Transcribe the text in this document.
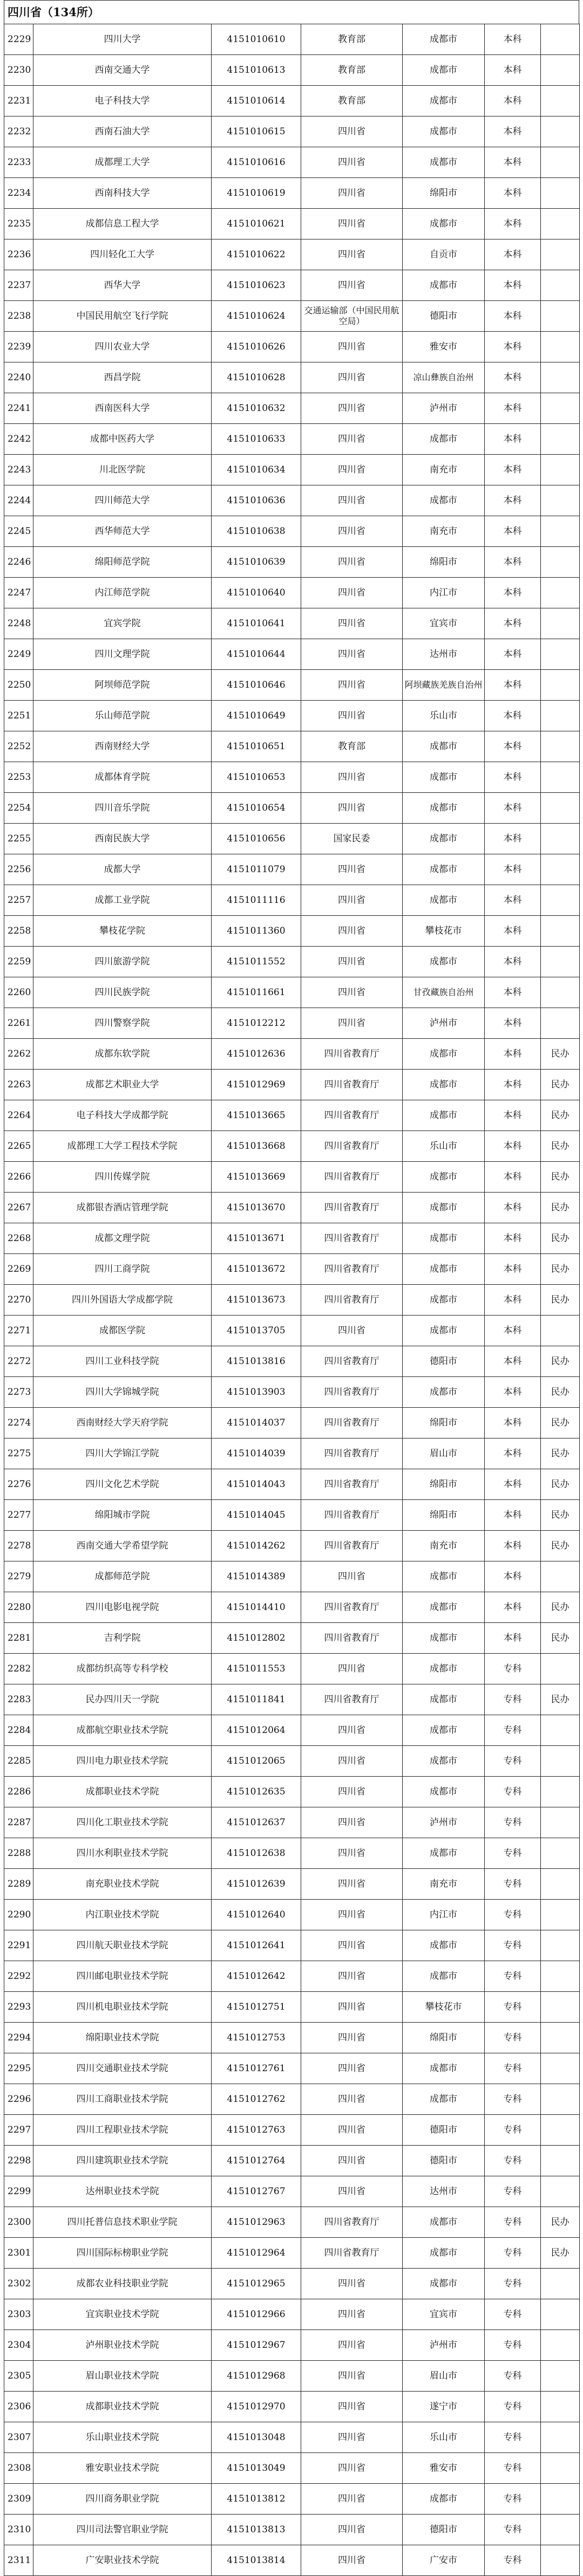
四川省（134所）
2229	四川大学	4151010610	教育部	成都市	本科	
2230	西南交通大学	4151010613	教育部	成都市	本科	
2231	电子科技大学	4151010614	教育部	成都市	本科	
2232	西南石油大学	4151010615	四川省	成都市	本科	
2233	成都理工大学	4151010616	四川省	成都市	本科	
2234	西南科技大学	4151010619	四川省	绵阳市	本科	
2235	成都信息工程大学	4151010621	四川省	成都市	本科	
2236	四川轻化工大学	4151010622	四川省	自贡市	本科	
2237	西华大学	4151010623	四川省	成都市	本科	
2238	中国民用航空飞行学院	4151010624	交通运输部（中国民用航空局）	德阳市	本科	
2239	四川农业大学	4151010626	四川省	雅安市	本科	
2240	西昌学院	4151010628	四川省	凉山彝族自治州	本科	
2241	西南医科大学	4151010632	四川省	泸州市	本科	
2242	成都中医药大学	4151010633	四川省	成都市	本科	
2243	川北医学院	4151010634	四川省	南充市	本科	
2244	四川师范大学	4151010636	四川省	成都市	本科	
2245	西华师范大学	4151010638	四川省	南充市	本科	
2246	绵阳师范学院	4151010639	四川省	绵阳市	本科	
2247	内江师范学院	4151010640	四川省	内江市	本科	
2248	宜宾学院	4151010641	四川省	宜宾市	本科	
2249	四川文理学院	4151010644	四川省	达州市	本科	
2250	阿坝师范学院	4151010646	四川省	阿坝藏族羌族自治州	本科	
2251	乐山师范学院	4151010649	四川省	乐山市	本科	
2252	西南财经大学	4151010651	教育部	成都市	本科	
2253	成都体育学院	4151010653	四川省	成都市	本科	
2254	四川音乐学院	4151010654	四川省	成都市	本科	
2255	西南民族大学	4151010656	国家民委	成都市	本科	
2256	成都大学	4151011079	四川省	成都市	本科	
2257	成都工业学院	4151011116	四川省	成都市	本科	
2258	攀枝花学院	4151011360	四川省	攀枝花市	本科	
2259	四川旅游学院	4151011552	四川省	成都市	本科	
2260	四川民族学院	4151011661	四川省	甘孜藏族自治州	本科	
2261	四川警察学院	4151012212	四川省	泸州市	本科	
2262	成都东软学院	4151012636	四川省教育厅	成都市	本科	民办
2263	成都艺术职业大学	4151012969	四川省教育厅	成都市	本科	民办
2264	电子科技大学成都学院	4151013665	四川省教育厅	成都市	本科	民办
2265	成都理工大学工程技术学院	4151013668	四川省教育厅	乐山市	本科	民办
2266	四川传媒学院	4151013669	四川省教育厅	成都市	本科	民办
2267	成都银杏酒店管理学院	4151013670	四川省教育厅	成都市	本科	民办
2268	成都文理学院	4151013671	四川省教育厅	成都市	本科	民办
2269	四川工商学院	4151013672	四川省教育厅	成都市	本科	民办
2270	四川外国语大学成都学院	4151013673	四川省教育厅	成都市	本科	民办
2271	成都医学院	4151013705	四川省	成都市	本科	
2272	四川工业科技学院	4151013816	四川省教育厅	德阳市	本科	民办
2273	四川大学锦城学院	4151013903	四川省教育厅	成都市	本科	民办
2274	西南财经大学天府学院	4151014037	四川省教育厅	绵阳市	本科	民办
2275	四川大学锦江学院	4151014039	四川省教育厅	眉山市	本科	民办
2276	四川文化艺术学院	4151014043	四川省教育厅	绵阳市	本科	民办
2277	绵阳城市学院	4151014045	四川省教育厅	绵阳市	本科	民办
2278	西南交通大学希望学院	4151014262	四川省教育厅	南充市	本科	民办
2279	成都师范学院	4151014389	四川省	成都市	本科	
2280	四川电影电视学院	4151014410	四川省教育厅	成都市	本科	民办
2281	吉利学院	4151012802	四川省教育厅	成都市	本科	民办
2282	成都纺织高等专科学校	4151011553	四川省	成都市	专科	
2283	民办四川天一学院	4151011841	四川省教育厅	成都市	专科	民办
2284	成都航空职业技术学院	4151012064	四川省	成都市	专科	
2285	四川电力职业技术学院	4151012065	四川省	成都市	专科	
2286	成都职业技术学院	4151012635	四川省	成都市	专科	
2287	四川化工职业技术学院	4151012637	四川省	泸州市	专科	
2288	四川水利职业技术学院	4151012638	四川省	成都市	专科	
2289	南充职业技术学院	4151012639	四川省	南充市	专科	
2290	内江职业技术学院	4151012640	四川省	内江市	专科	
2291	四川航天职业技术学院	4151012641	四川省	成都市	专科	
2292	四川邮电职业技术学院	4151012642	四川省	成都市	专科	
2293	四川机电职业技术学院	4151012751	四川省	攀枝花市	专科	
2294	绵阳职业技术学院	4151012753	四川省	绵阳市	专科	
2295	四川交通职业技术学院	4151012761	四川省	成都市	专科	
2296	四川工商职业技术学院	4151012762	四川省	成都市	专科	
2297	四川工程职业技术学院	4151012763	四川省	德阳市	专科	
2298	四川建筑职业技术学院	4151012764	四川省	德阳市	专科	
2299	达州职业技术学院	4151012767	四川省	达州市	专科	
2300	四川托普信息技术职业学院	4151012963	四川省教育厅	成都市	专科	民办
2301	四川国际标榜职业学院	4151012964	四川省教育厅	成都市	专科	民办
2302	成都农业科技职业学院	4151012965	四川省	成都市	专科	
2303	宜宾职业技术学院	4151012966	四川省	宜宾市	专科	
2304	泸州职业技术学院	4151012967	四川省	泸州市	专科	
2305	眉山职业技术学院	4151012968	四川省	眉山市	专科	
2306	成都职业技术学院	4151012970	四川省	遂宁市	专科	
2307	乐山职业技术学院	4151013048	四川省	乐山市	专科	
2308	雅安职业技术学院	4151013049	四川省	雅安市	专科	
2309	四川商务职业学院	4151013812	四川省	成都市	专科	
2310	四川司法警官职业学院	4151013813	四川省	德阳市	专科	
2311	广安职业技术学院	4151013814	四川省	广安市	专科	
